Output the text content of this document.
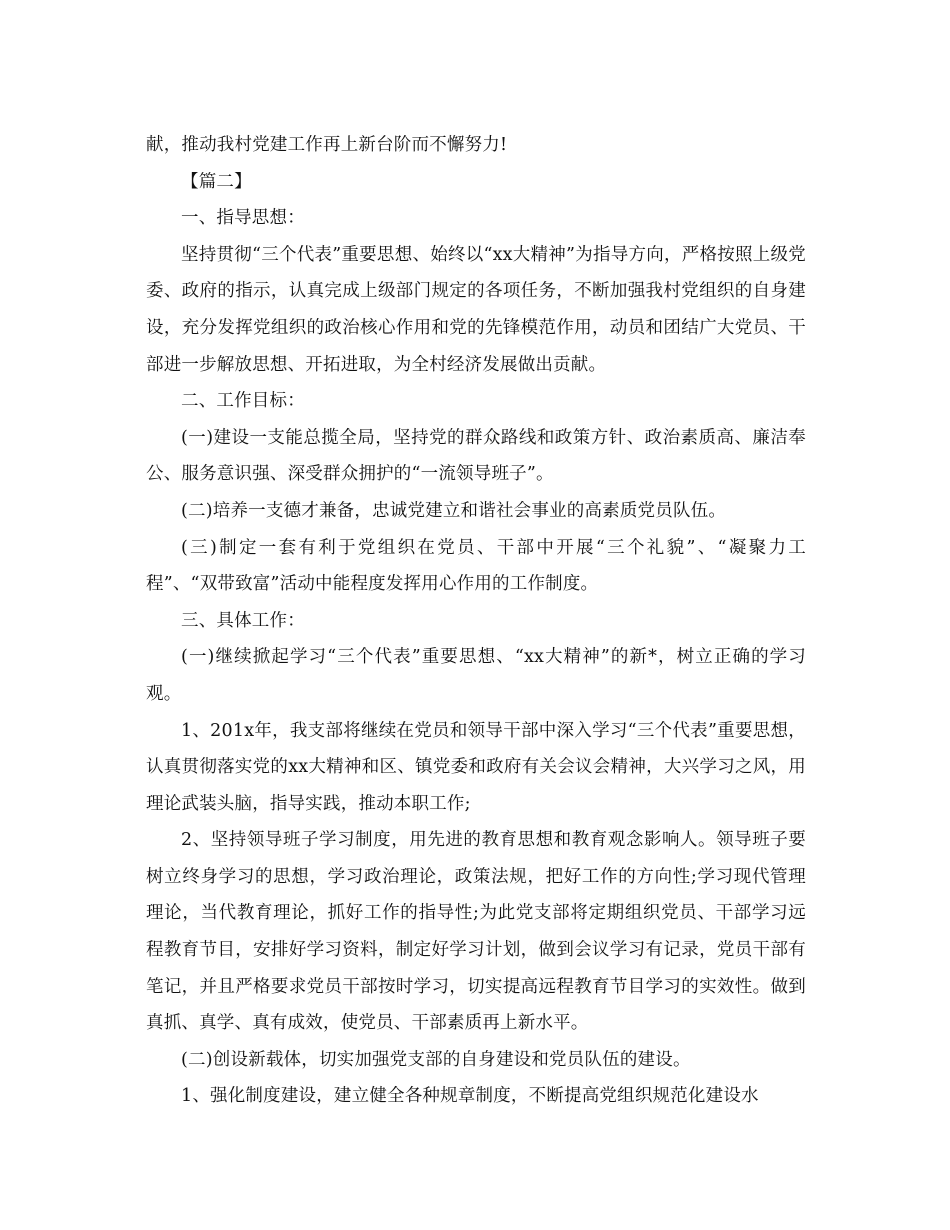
献，推动我村党建工作再上新台阶而不懈努力!

【篇二】

一、指导思想：

坚持贯彻“三个代表”重要思想、始终以“xx大精神”为指导方向，严格按照上级党委、政府的指示，认真完成上级部门规定的各项任务，不断加强我村党组织的自身建设，充分发挥党组织的政治核心作用和党的先锋模范作用，动员和团结广大党员、干部进一步解放思想、开拓进取，为全村经济发展做出贡献。

二、工作目标：

(一)建设一支能总揽全局，坚持党的群众路线和政策方针、政治素质高、廉洁奉公、服务意识强、深受群众拥护的“一流领导班子”。

(二)培养一支德才兼备，忠诚党建立和谐社会事业的高素质党员队伍。

(三)制定一套有利于党组织在党员、干部中开展“三个礼貌”、“凝聚力工程”、“双带致富”活动中能程度发挥用心作用的工作制度。

三、具体工作：

(一)继续掀起学习“三个代表”重要思想、“xx大精神”的新*，树立正确的学习观。

1、201x年，我支部将继续在党员和领导干部中深入学习“三个代表”重要思想，认真贯彻落实党的xx大精神和区、镇党委和政府有关会议会精神，大兴学习之风，用理论武装头脑，指导实践，推动本职工作;

2、坚持领导班子学习制度，用先进的教育思想和教育观念影响人。领导班子要树立终身学习的思想，学习政治理论，政策法规，把好工作的方向性;学习现代管理理论，当代教育理论，抓好工作的指导性;为此党支部将定期组织党员、干部学习远程教育节目，安排好学习资料，制定好学习计划，做到会议学习有记录，党员干部有笔记，并且严格要求党员干部按时学习，切实提高远程教育节目学习的实效性。做到真抓、真学、真有成效，使党员、干部素质再上新水平。

(二)创设新载体，切实加强党支部的自身建设和党员队伍的建设。

1、强化制度建设，建立健全各种规章制度，不断提高党组织规范化建设水
